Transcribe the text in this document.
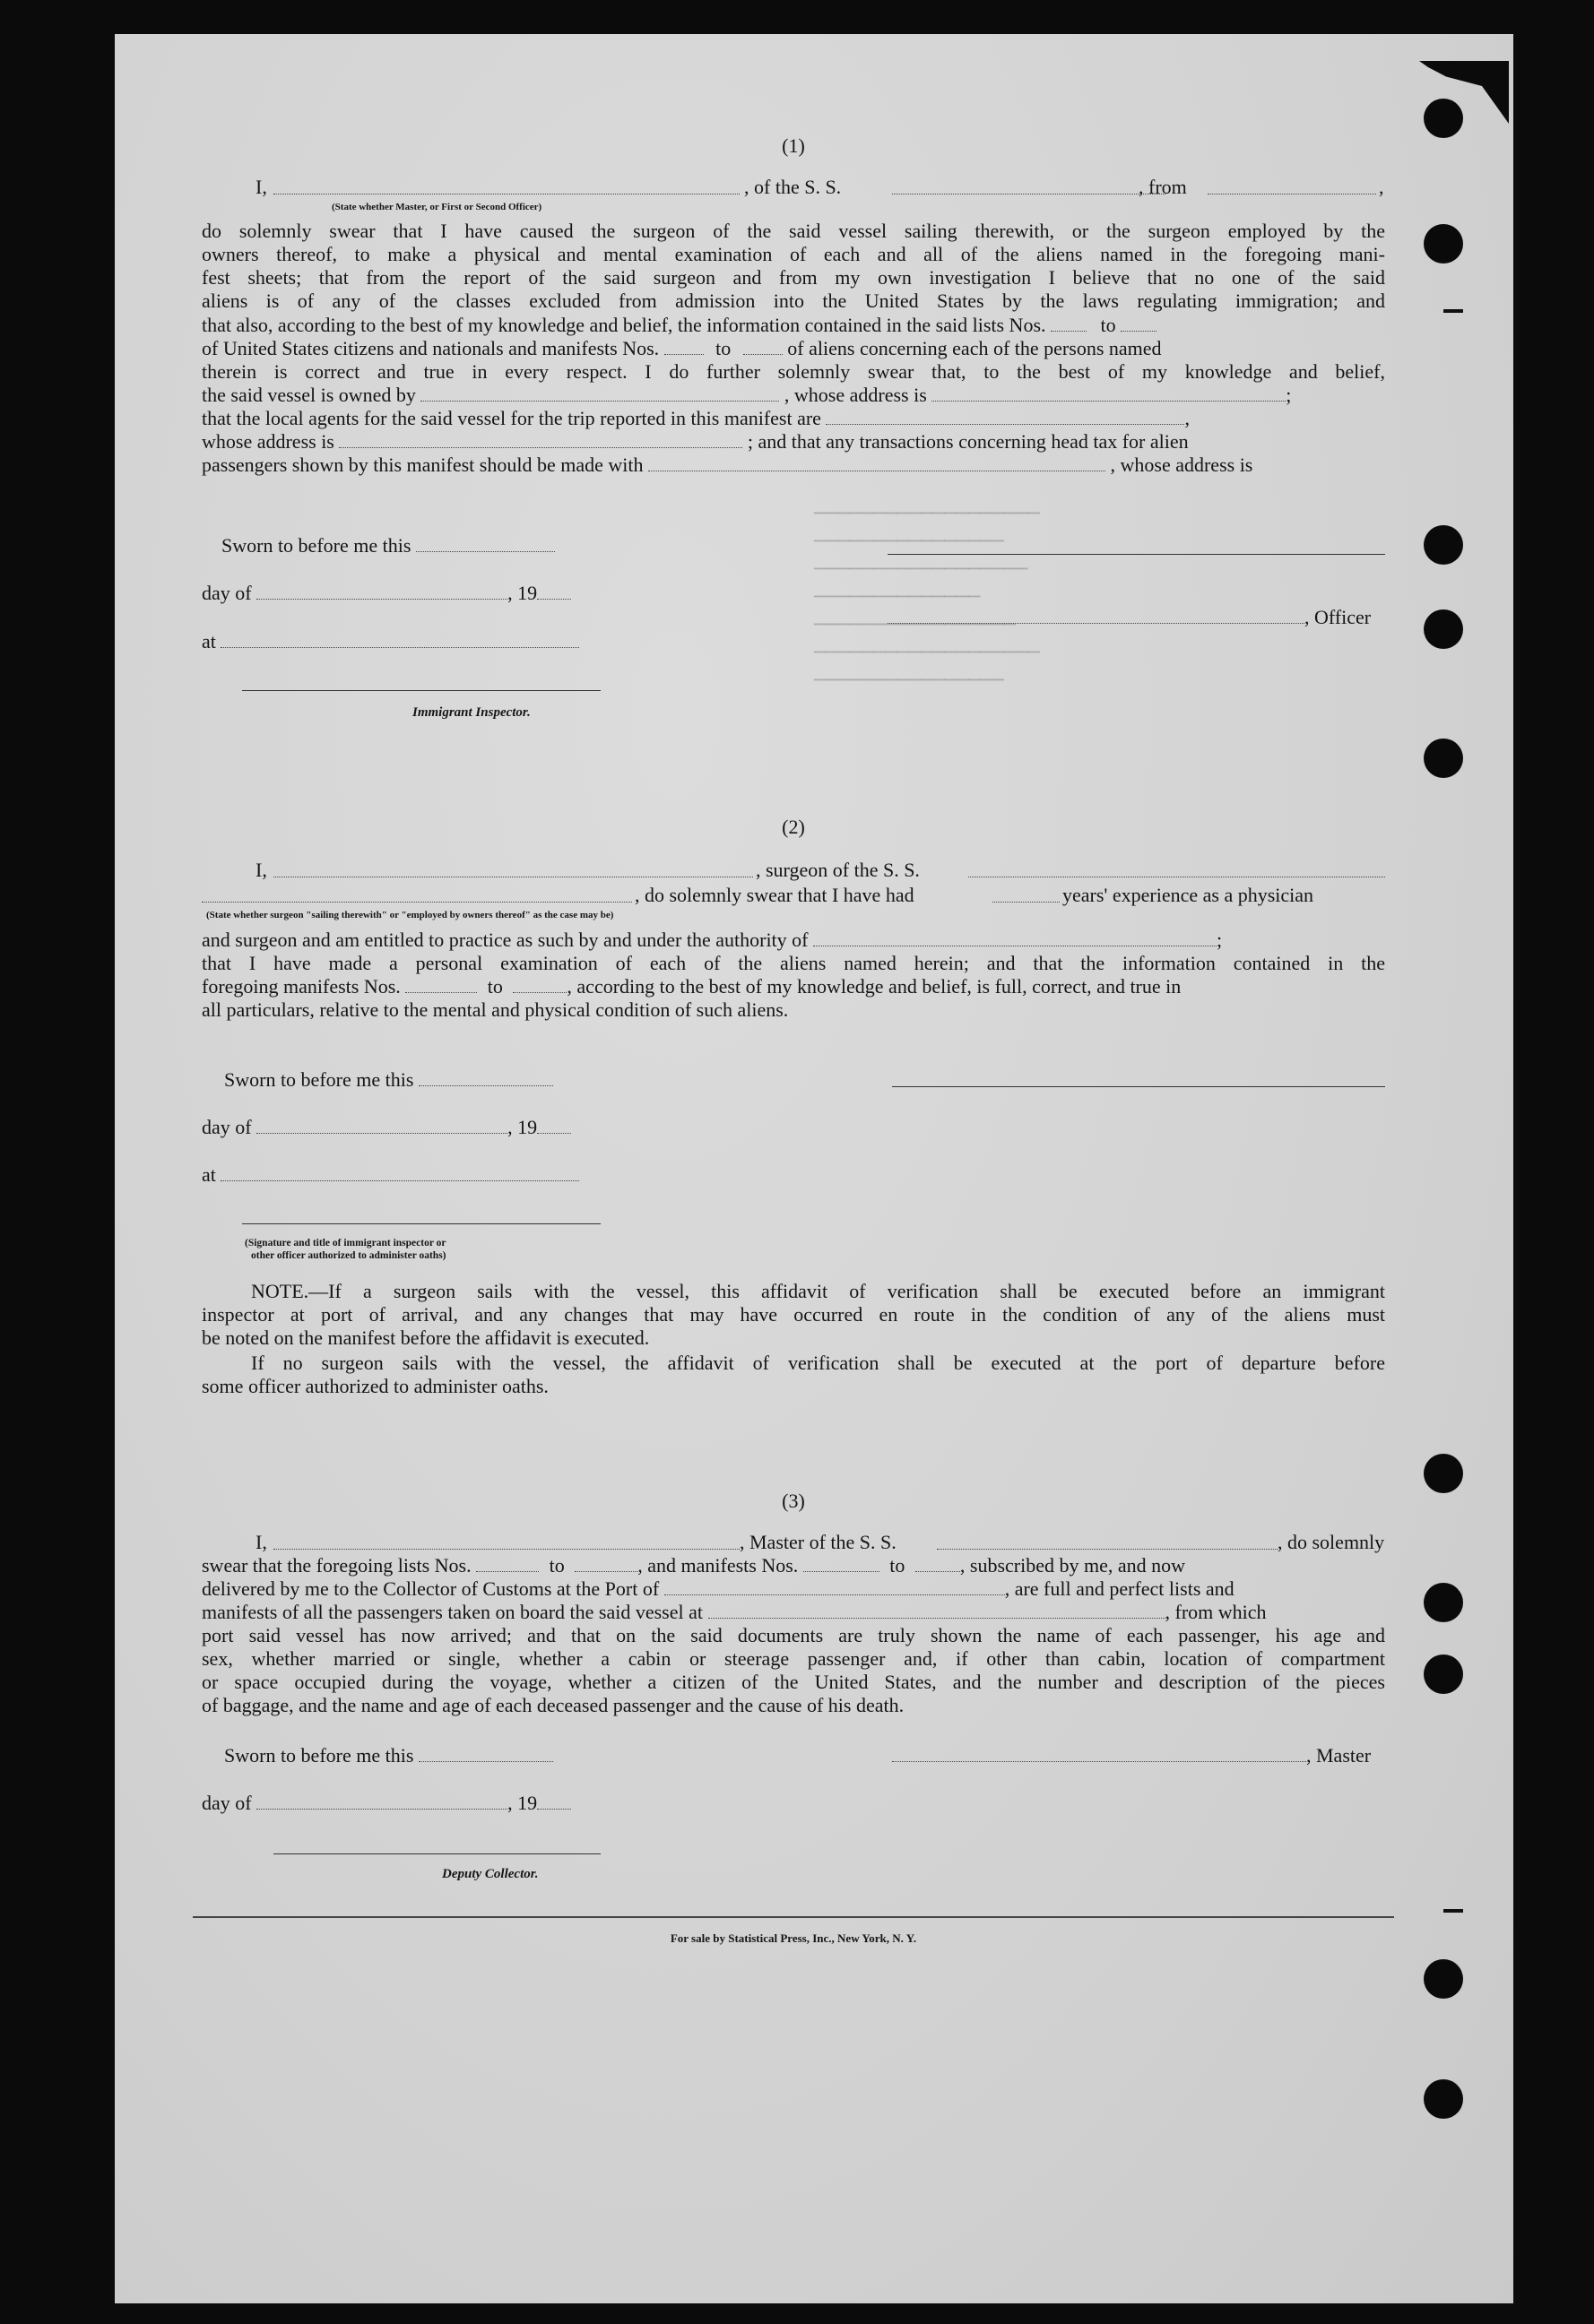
───────────────────
────────────────
──────────────────
──────────────
─────────────────
───────────────────
────────────────
(1)
I,
(State whether Master, or First or Second Officer)
, of the S. S.	, from	,
do solemnly swear that I have caused the surgeon of the said vessel sailing therewith, or the surgeon employed by the
owners thereof, to make a physical and mental examination of each and all of the aliens named in the foregoing mani-
fest sheets; that from the report of the said surgeon and from my own investigation I believe that no one of the said
aliens is of any of the classes excluded from admission into the United States by the laws regulating immigration; and
that also, according to the best of my knowledge and belief, the information contained in the said lists Nos.	to
of United States citizens and nationals and manifests Nos.	to	of aliens concerning each of the persons named
therein is correct and true in every respect. I do further solemnly swear that, to the best of my knowledge and belief,
the said vessel is owned by	, whose address is	;
that the local agents for the said vessel for the trip reported in this manifest are	,
whose address is	; and that any transactions concerning head tax for alien
passengers shown by this manifest should be made with	, whose address is
Sworn to before me this
day of	, 19
, Officer
at
Immigrant Inspector.
(2)
I,	, surgeon of the S. S.
(State whether surgeon "sailing therewith" or "employed by owners thereof" as the case may be)
, do solemnly swear that I have had	years' experience as a physician
and surgeon and am entitled to practice as such by and under the authority of	;
that I have made a personal examination of each of the aliens named herein; and that the information contained in the
foregoing manifests Nos.	to	, according to the best of my knowledge and belief, is full, correct, and true in
all particulars, relative to the mental and physical condition of such aliens.
Sworn to before me this
day of	, 19
at
(Signature and title of immigrant inspector or
other officer authorized to administer oaths)
NOTE.—If a surgeon sails with the vessel, this affidavit of verification shall be executed before an immigrant
inspector at port of arrival, and any changes that may have occurred en route in the condition of any of the aliens must
be noted on the manifest before the affidavit is executed.
If no surgeon sails with the vessel, the affidavit of verification shall be executed at the port of departure before
some officer authorized to administer oaths.
(3)
I,	, Master of the S. S.	, do solemnly
swear that the foregoing lists Nos.	to	, and manifests Nos.	to	, subscribed by me, and now
delivered by me to the Collector of Customs at the Port of	, are full and perfect lists and
manifests of all the passengers taken on board the said vessel at	, from which
port said vessel has now arrived; and that on the said documents are truly shown the name of each passenger, his age and
sex, whether married or single, whether a cabin or steerage passenger and, if other than cabin, location of compartment
or space occupied during the voyage, whether a citizen of the United States, and the number and description of the pieces
of baggage, and the name and age of each deceased passenger and the cause of his death.
Sworn to before me this	, Master
day of	, 19
Deputy Collector.
For sale by Statistical Press, Inc., New York, N. Y.
